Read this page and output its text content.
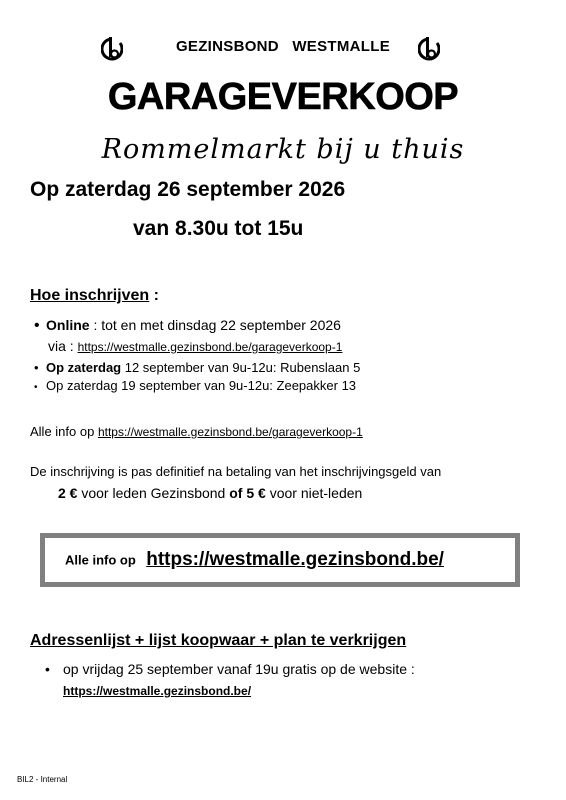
GEZINSBOND   WESTMALLE
GARAGEVERKOOP
Rommelmarkt bij u thuis
Op zaterdag 26 september 2026
van 8.30u tot 15u
Hoe inschrijven :
• Online : tot en met dinsdag 22 september 2026
via : https://westmalle.gezinsbond.be/garageverkoop-1
• Op zaterdag 12 september van 9u-12u: Rubenslaan 5
• Op zaterdag 19 september van 9u-12u: Zeepakker 13
Alle info op https://westmalle.gezinsbond.be/garageverkoop-1
De inschrijving is pas definitief na betaling van het inschrijvingsgeld van
2 € voor leden Gezinsbond of 5 € voor niet-leden
Alle info op https://westmalle.gezinsbond.be/
Adressenlijst + lijst koopwaar + plan te verkrijgen
• op vrijdag 25 september vanaf 19u gratis op de website :
https://westmalle.gezinsbond.be/
BIL2 - Internal
